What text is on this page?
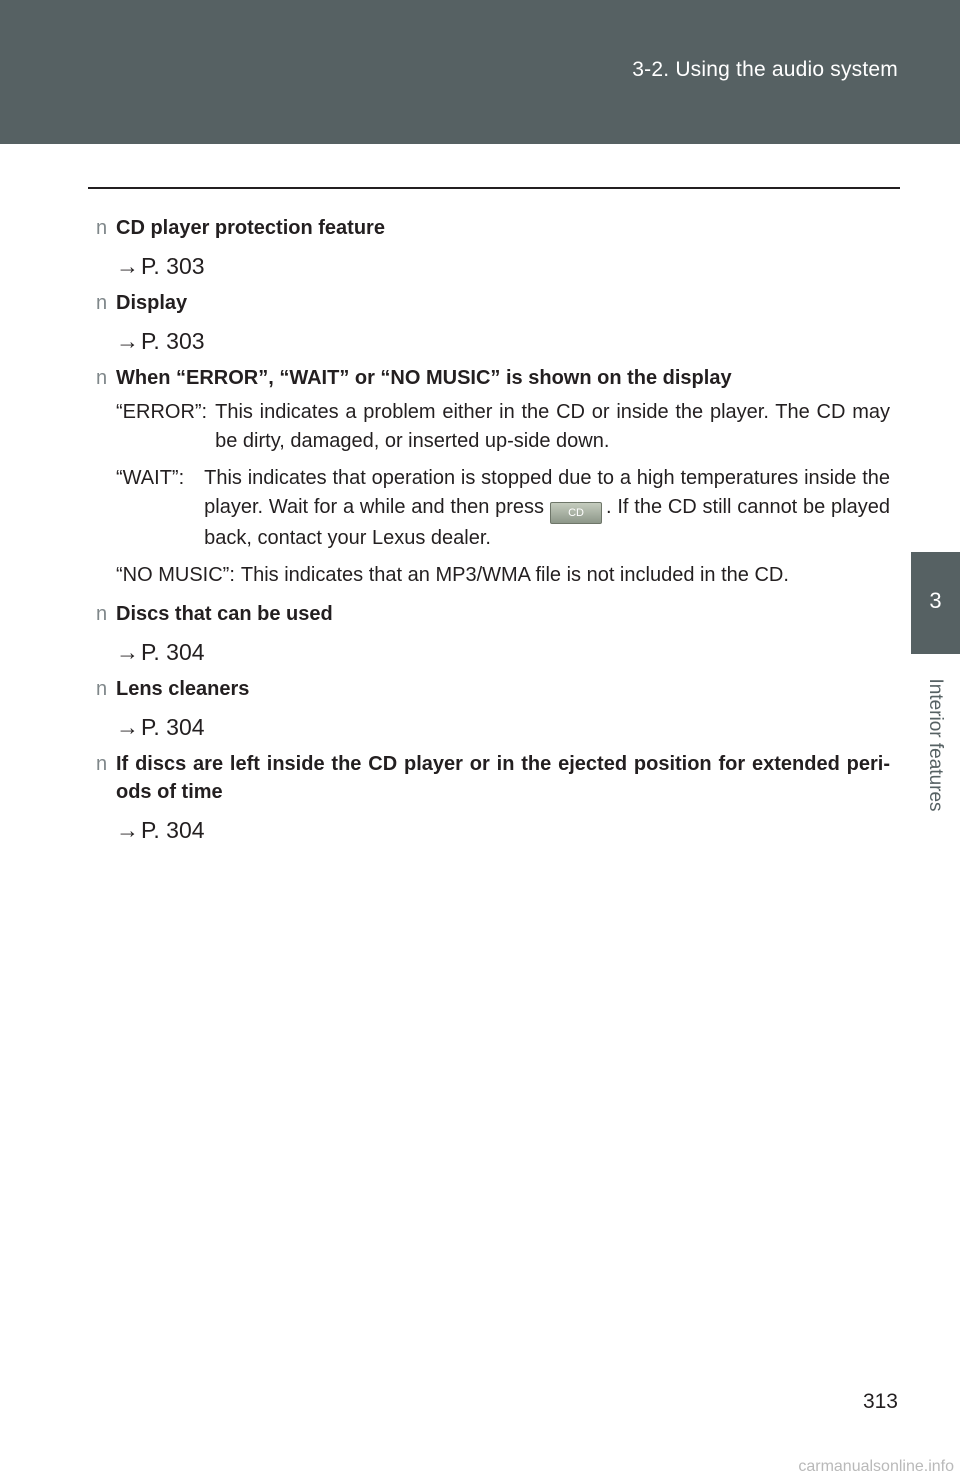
3-2. Using the audio system
3
Interior features
n CD player protection feature
→P. 303
n Display
→P. 303
n When “ERROR”, “WAIT” or “NO MUSIC” is shown on the display
“ERROR”: This indicates a problem either in the CD or inside the player. The CD may be dirty, damaged, or inserted up-side down.
“WAIT”: This indicates that operation is stopped due to a high temperatures inside the player. Wait for a while and then press CD . If the CD still cannot be played back, contact your Lexus dealer.
“NO MUSIC”: This indicates that an MP3/WMA file is not included in the CD.
n Discs that can be used
→P. 304
n Lens cleaners
→P. 304
n If discs are left inside the CD player or in the ejected position for extended peri- ods of time
→P. 304
313
carmanualsonline.info
